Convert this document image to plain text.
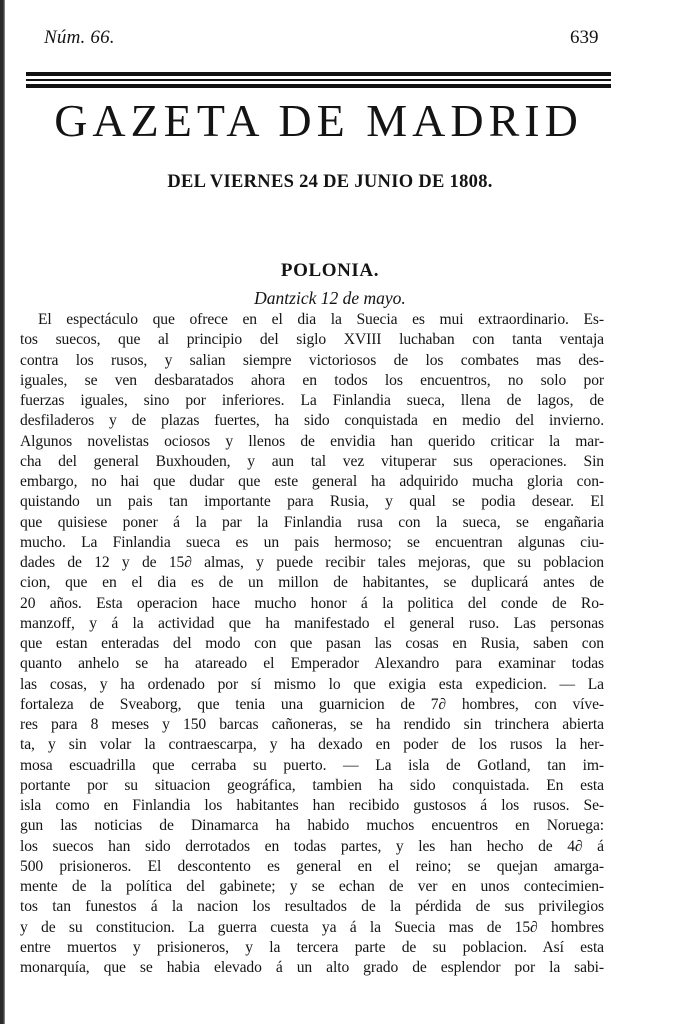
Núm. 66.	639
GAZETA DE MADRID
DEL VIERNES 24 DE JUNIO DE 1808.
POLONIA.
Dantzick 12 de mayo.
El espectáculo que ofrece en el dia la Suecia es mui extraordinario. Es-
tos suecos, que al principio del siglo XVIII luchaban con tanta ventaja
contra los rusos, y salian siempre victoriosos de los combates mas des-
iguales, se ven desbaratados ahora en todos los encuentros, no solo por
fuerzas iguales, sino por inferiores. La Finlandia sueca, llena de lagos, de
desfiladeros y de plazas fuertes, ha sido conquistada en medio del invierno.
Algunos novelistas ociosos y llenos de envidia han querido criticar la mar-
cha del general Buxhouden, y aun tal vez vituperar sus operaciones. Sin
embargo, no hai que dudar que este general ha adquirido mucha gloria con-
quistando un pais tan importante para Rusia, y qual se podia desear. El
que quisiese poner á la par la Finlandia rusa con la sueca, se engañaria
mucho. La Finlandia sueca es un pais hermoso; se encuentran algunas ciu-
dades de 12 y de 15∂ almas, y puede recibir tales mejoras, que su poblacion
cion, que en el dia es de un millon de habitantes, se duplicará antes de
20 años. Esta operacion hace mucho honor á la politica del conde de Ro-
manzoff, y á la actividad que ha manifestado el general ruso. Las personas
que estan enteradas del modo con que pasan las cosas en Rusia, saben con
quanto anhelo se ha atareado el Emperador Alexandro para examinar todas
las cosas, y ha ordenado por sí mismo lo que exigia esta expedicion. — La
fortaleza de Sveaborg, que tenia una guarnicion de 7∂ hombres, con víve-
res para 8 meses y 150 barcas cañoneras, se ha rendido sin trinchera abierta
ta, y sin volar la contraescarpa, y ha dexado en poder de los rusos la her-
mosa escuadrilla que cerraba su puerto. — La isla de Gotland, tan im-
portante por su situacion geográfica, tambien ha sido conquistada. En esta
isla como en Finlandia los habitantes han recibido gustosos á los rusos. Se-
gun las noticias de Dinamarca ha habido muchos encuentros en Noruega:
los suecos han sido derrotados en todas partes, y les han hecho de 4∂ á
500 prisioneros. El descontento es general en el reino; se quejan amarga-
mente de la política del gabinete; y se echan de ver en unos contecimien-
tos tan funestos á la nacion los resultados de la pérdida de sus privilegios
y de su constitucion. La guerra cuesta ya á la Suecia mas de 15∂ hombres
entre muertos y prisioneros, y la tercera parte de su poblacion. Así esta
monarquía, que se habia elevado á un alto grado de esplendor por la sabi-
